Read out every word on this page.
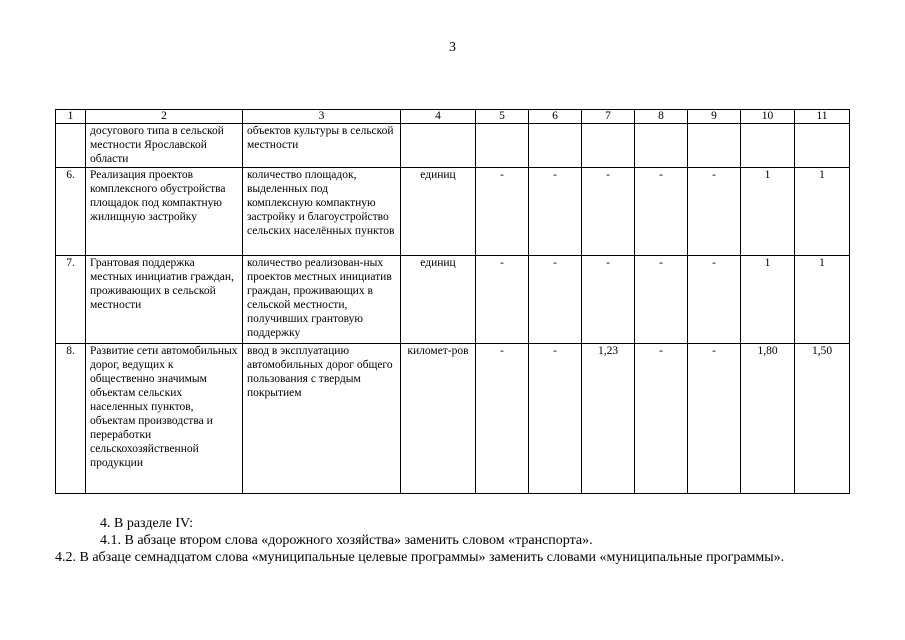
3
1	2	3	4	5	6	7	8	9	10	11
	досугового типа в сельской местности Ярославской области	объектов культуры в сельской местности								
6.	Реализация проектов комплексного обустройства площадок под компактную жилищную застройку	количество площадок, выделенных под комплексную компактную застройку и благоустройство сельских населённых пунктов	единиц	-	-	-	-	-	1	1
7.	Грантовая поддержка местных инициатив граждан, проживающих в сельской местности	количество реализован-ных проектов местных инициатив граждан, проживающих в сельской местности, получивших грантовую поддержку	единиц	-	-	-	-	-	1	1
8.	Развитие сети автомобильных дорог, ведущих к общественно значимым объектам сельских населенных пунктов, объектам производства и переработки сельскохозяйственной продукции	ввод в эксплуатацию автомобильных дорог общего пользования с твердым покрытием	километ-ров	-	-	1,23	-	-	1,80	1,50
4. В разделе IV:
4.1. В абзаце втором слова «дорожного хозяйства» заменить словом «транспорта».
4.2. В абзаце семнадцатом слова «муниципальные целевые программы» заменить словами «муниципальные программы».
